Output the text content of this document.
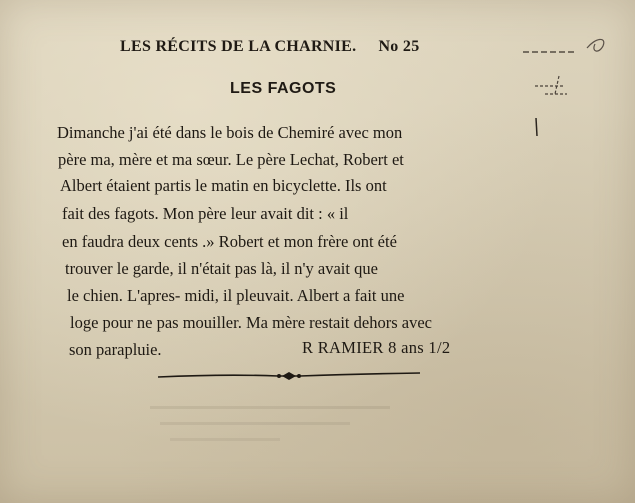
LES RÉCITS DE LA CHARNIE. No 25
LES FAGOTS
Dimanche j'ai été dans le bois de Chemiré avec mon
père ma, mère et ma sœur. Le père Lechat, Robert et
Albert étaient partis le matin en bicyclette. Ils ont
fait des fagots. Mon père leur avait dit : « il
en faudra deux cents .» Robert et mon frère ont été
trouver le garde, il n'était pas là, il n'y avait que
le chien. L'apres- midi, il pleuvait. Albert a fait une
loge pour ne pas mouiller. Ma mère restait dehors avec
son parapluie.	R RAMIER 8 ans 1/2
